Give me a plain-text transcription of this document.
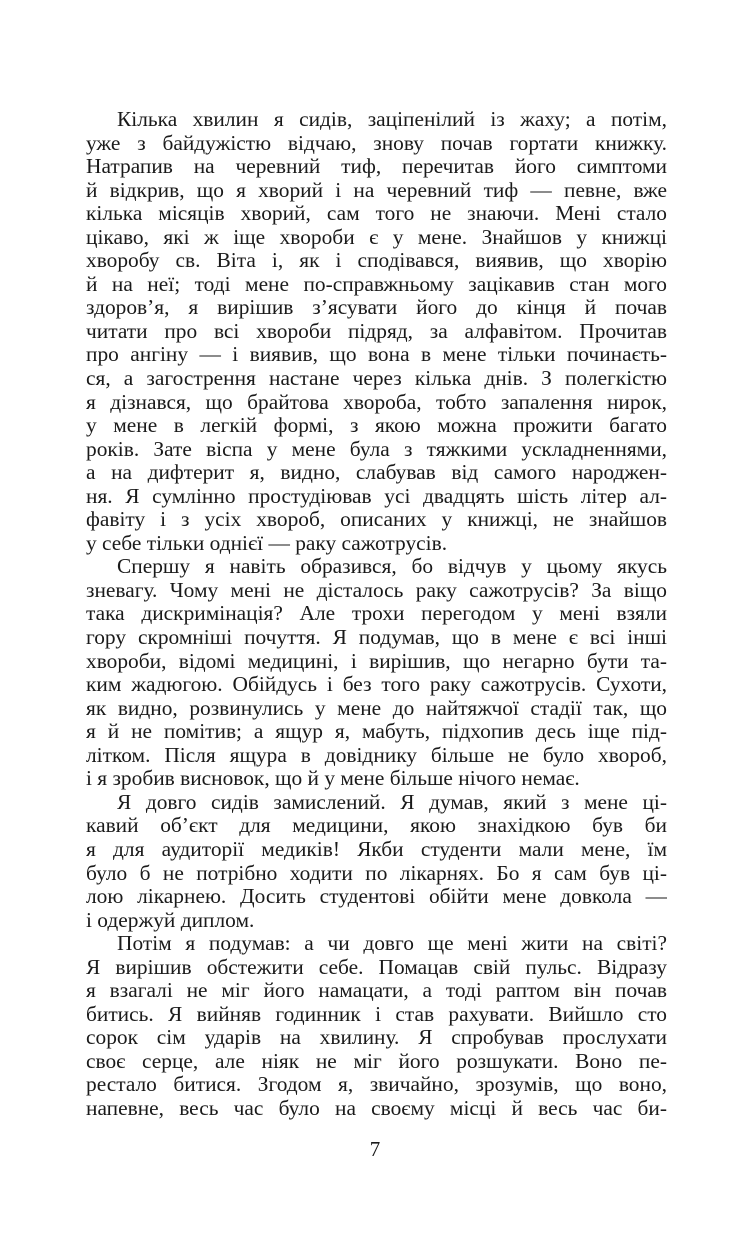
Кілька хвилин я сидів, заціпенілий із жаху; а потім,
уже з байдужістю відчаю, знову почав гортати книжку.
Натрапив на черевний тиф, перечитав його симптоми
й відкрив, що я хворий і на черевний тиф — певне, вже
кілька місяців хворий, сам того не знаючи. Мені стало
цікаво, які ж іще хвороби є у мене. Знайшов у книжці
хворобу св. Віта і, як і сподівався, виявив, що хворію
й на неї; тоді мене по-справжньому зацікавив стан мого
здоров’я, я вирішив з’ясувати його до кінця й почав
читати про всі хвороби підряд, за алфавітом. Прочитав
про ангіну — і виявив, що вона в мене тільки починаєть-
ся, а загострення настане через кілька днів. З полегкістю
я дізнався, що брайтова хвороба, тобто запалення нирок,
у мене в легкій формі, з якою можна прожити багато
років. Зате віспа у мене була з тяжкими ускладненнями,
а на дифтерит я, видно, слабував від самого народжен-
ня. Я сумлінно простудіював усі двадцять шість літер ал-
фавіту і з усіх хвороб, описаних у книжці, не знайшов
у себе тільки однієї — раку сажотрусів.
Спершу я навіть образився, бо відчув у цьому якусь
зневагу. Чому мені не дісталось раку сажотрусів? За віщо
така дискримінація? Але трохи перегодом у мені взяли
гору скромніші почуття. Я подумав, що в мене є всі інші
хвороби, відомі медицині, і вирішив, що негарно бути та-
ким жадюгою. Обійдусь і без того раку сажотрусів. Сухоти,
як видно, розвинулись у мене до найтяжчої стадії так, що
я й не помітив; а ящур я, мабуть, підхопив десь іще під-
літком. Після ящура в довіднику більше не було хвороб,
і я зробив висновок, що й у мене більше нічого немає.
Я довго сидів замислений. Я думав, який з мене ці-
кавий об’єкт для медицини, якою знахідкою був би
я для аудиторії медиків! Якби студенти мали мене, їм
було б не потрібно ходити по лікарнях. Бо я сам був ці-
лою лікарнею. Досить студентові обійти мене довкола —
і одержуй диплом.
Потім я подумав: а чи довго ще мені жити на світі?
Я вирішив обстежити себе. Помацав свій пульс. Відразу
я взагалі не міг його намацати, а тоді раптом він почав
битись. Я вийняв годинник і став рахувати. Вийшло сто
сорок сім ударів на хвилину. Я спробував прослухати
своє серце, але ніяк не міг його розшукати. Воно пе-
рестало битися. Згодом я, звичайно, зрозумів, що воно,
напевне, весь час було на своєму місці й весь час би-
7
